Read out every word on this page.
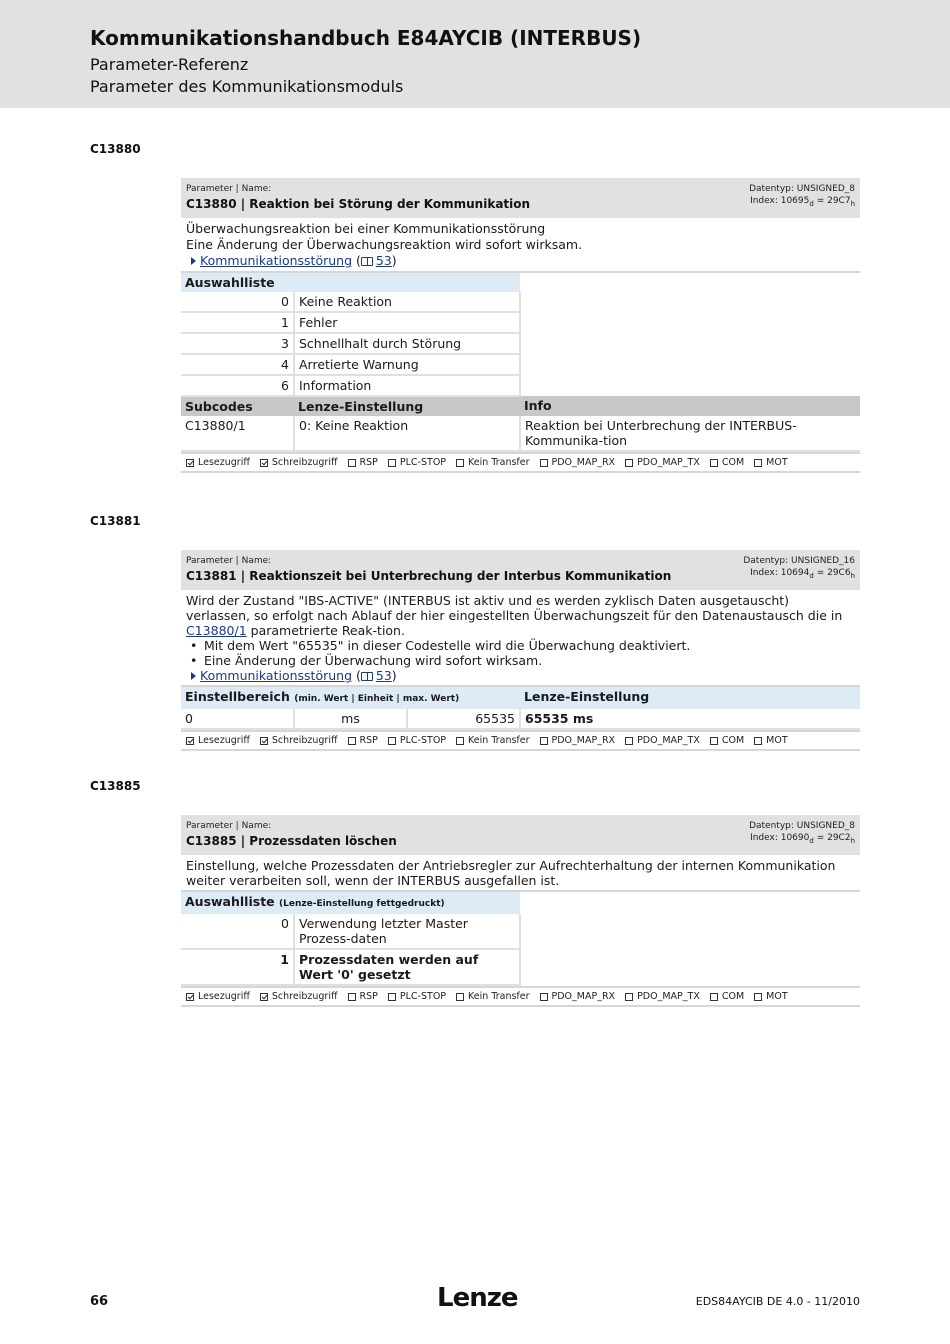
Kommunikationshandbuch E84AYCIB (INTERBUS)
Parameter-Referenz
Parameter des Kommunikationsmoduls
C13880
Parameter | Name:
C13880 | Reaktion bei Störung der Kommunikation
Datentyp: UNSIGNED_8
Index: $10695_d = 29C7_h$

Überwachungsreaktion bei einer Kommunikationsstörung

Eine Änderung der Überwachungsreaktion wird sofort wirksam.

Kommunikationsstörung ( 53)

Auswahlliste		
0	Keine Reaktion	
1	Fehler	
3	Schnellhalt durch Störung	
4	Arretierte Warnung	
6	Information	
Subcodes	Lenze-Einstellung	Info
C13880/1	0: Keine Reaktion	Reaktion bei Unterbrechung der INTERBUS-Kommunika-tion
Lesezugriff Schreibzugriff RSP PLC-STOP Kein Transfer PDO_MAP_RX PDO_MAP_TX COM MOT
C13881
Parameter | Name:
C13881 | Reaktionszeit bei Unterbrechung der Interbus Kommunikation
Datentyp: UNSIGNED_16
Index: $10694_d = 29C6_h$

Wird der Zustand "IBS-ACTIVE" (INTERBUS ist aktiv und es werden zyklisch Daten ausgetauscht) verlassen, so erfolgt nach Ablauf der hier eingestellten Überwachungszeit für den Datenaustausch die in C13880/1 parametrierte Reak-tion.

• Mit dem Wert "65535" in dieser Codestelle wird die Überwachung deaktiviert.
• Eine Änderung der Überwachung wird sofort wirksam.

Kommunikationsstörung ( 53)

Einstellbereich (min. Wert | Einheit | max. Wert)			Lenze-Einstellung
0	ms	65535	65535 ms
Lesezugriff Schreibzugriff RSP PLC-STOP Kein Transfer PDO_MAP_RX PDO_MAP_TX COM MOT
C13885
Parameter | Name:
C13885 | Prozessdaten löschen
Datentyp: UNSIGNED_8
Index: $10690_d = 29C2_h$

Einstellung, welche Prozessdaten der Antriebsregler zur Aufrechterhaltung der internen Kommunikation weiter verarbeiten soll, wenn der INTERBUS ausgefallen ist.

Auswahlliste (Lenze-Einstellung fettgedruckt)		
0	Verwendung letzter Master Prozess-daten	
1	Prozessdaten werden auf Wert '0' gesetzt	
Lesezugriff Schreibzugriff RSP PLC-STOP Kein Transfer PDO_MAP_RX PDO_MAP_TX COM MOT
66	Lenze	EDS84AYCIB DE 4.0 - 11/2010
